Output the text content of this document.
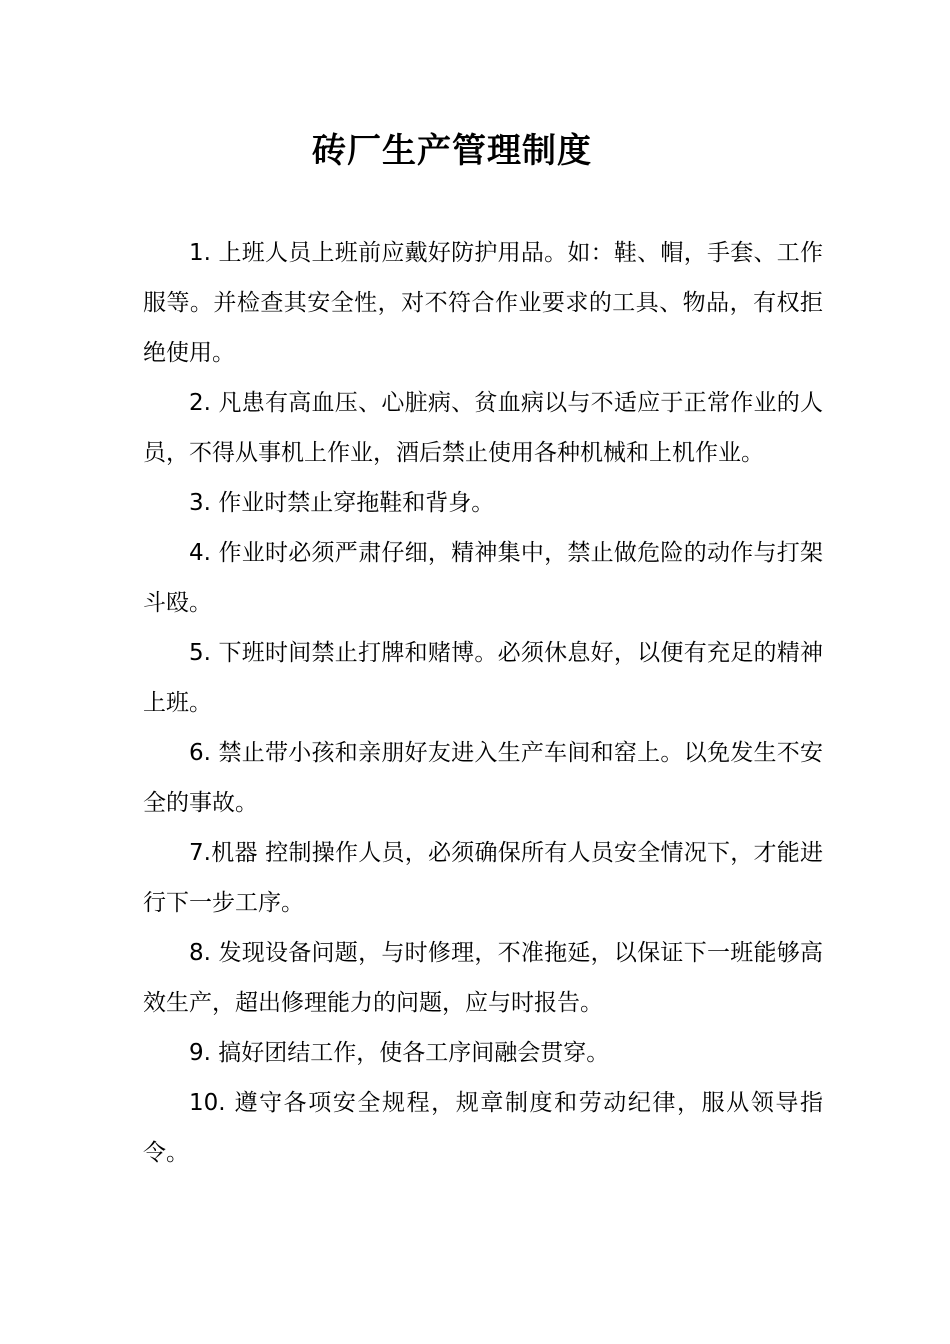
砖厂生产管理制度

1. 上班人员上班前应戴好防护用品。如：鞋、帽，手套、工作服等。并检查其安全性，对不符合作业要求的工具、物品，有权拒绝使用。

2. 凡患有高血压、心脏病、贫血病以与不适应于正常作业的人员，不得从事机上作业，酒后禁止使用各种机械和上机作业。

3. 作业时禁止穿拖鞋和背身。

4. 作业时必须严肃仔细，精神集中，禁止做危险的动作与打架斗殴。

5. 下班时间禁止打牌和赌博。必须休息好，以便有充足的精神上班。

6. 禁止带小孩和亲朋好友进入生产车间和窑上。以免发生不安全的事故。

7.机器 控制操作人员，必须确保所有人员安全情况下，才能进行下一步工序。

8. 发现设备问题，与时修理，不准拖延，以保证下一班能够高效生产，超出修理能力的问题，应与时报告。

9. 搞好团结工作，使各工序间融会贯穿。

10. 遵守各项安全规程，规章制度和劳动纪律，服从领导指令。
